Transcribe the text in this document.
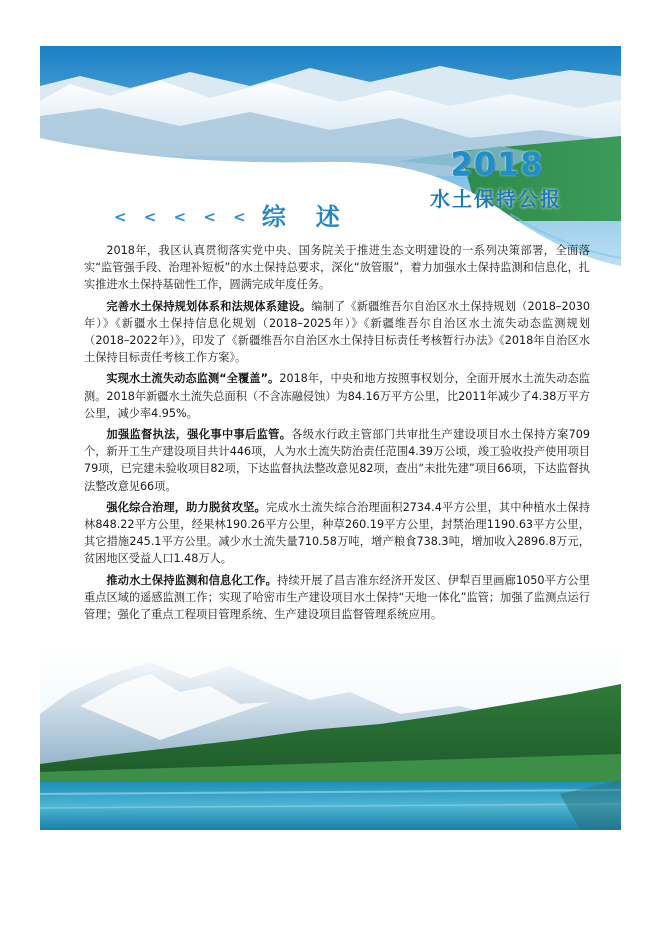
2018
水土保持公报
< < < < < 综述

2018年，我区认真贯彻落实党中央、国务院关于推进生态文明建设的一系列决策部署，全面落实“监管强手段、治理补短板”的水土保持总要求，深化“放管服”，着力加强水土保持监测和信息化，扎实推进水土保持基础性工作，圆满完成年度任务。

完善水土保持规划体系和法规体系建设。编制了《新疆维吾尔自治区水土保持规划（2018–2030年）》《新疆水土保持信息化规划（2018–2025年）》《新疆维吾尔自治区水土流失动态监测规划（2018–2022年）》，印发了《新疆维吾尔自治区水土保持目标责任考核暂行办法》《2018年自治区水土保持目标责任考核工作方案》。

实现水土流失动态监测“全覆盖”。2018年，中央和地方按照事权划分，全面开展水土流失动态监测。2018年新疆水土流失总面积（不含冻融侵蚀）为84.16万平方公里，比2011年减少了4.38万平方公里，减少率4.95%。

加强监督执法，强化事中事后监管。各级水行政主管部门共审批生产建设项目水土保持方案709个，新开工生产建设项目共计446项，人为水土流失防治责任范围4.39万公顷，竣工验收投产使用项目79项，已完建未验收项目82项，下达监督执法整改意见82项，查出“未批先建”项目66项，下达监督执法整改意见66项。

强化综合治理，助力脱贫攻坚。完成水土流失综合治理面积2734.4平方公里，其中种植水土保持林848.22平方公里，经果林190.26平方公里，种草260.19平方公里，封禁治理1190.63平方公里，其它措施245.1平方公里。减少水土流失量710.58万吨，增产粮食738.3吨，增加收入2896.8万元，贫困地区受益人口1.48万人。

推动水土保持监测和信息化工作。持续开展了昌吉准东经济开发区、伊犁百里画廊1050平方公里重点区域的遥感监测工作；实现了哈密市生产建设项目水土保持“天地一体化”监管；加强了监测点运行管理；强化了重点工程项目管理系统、生产建设项目监督管理系统应用。
